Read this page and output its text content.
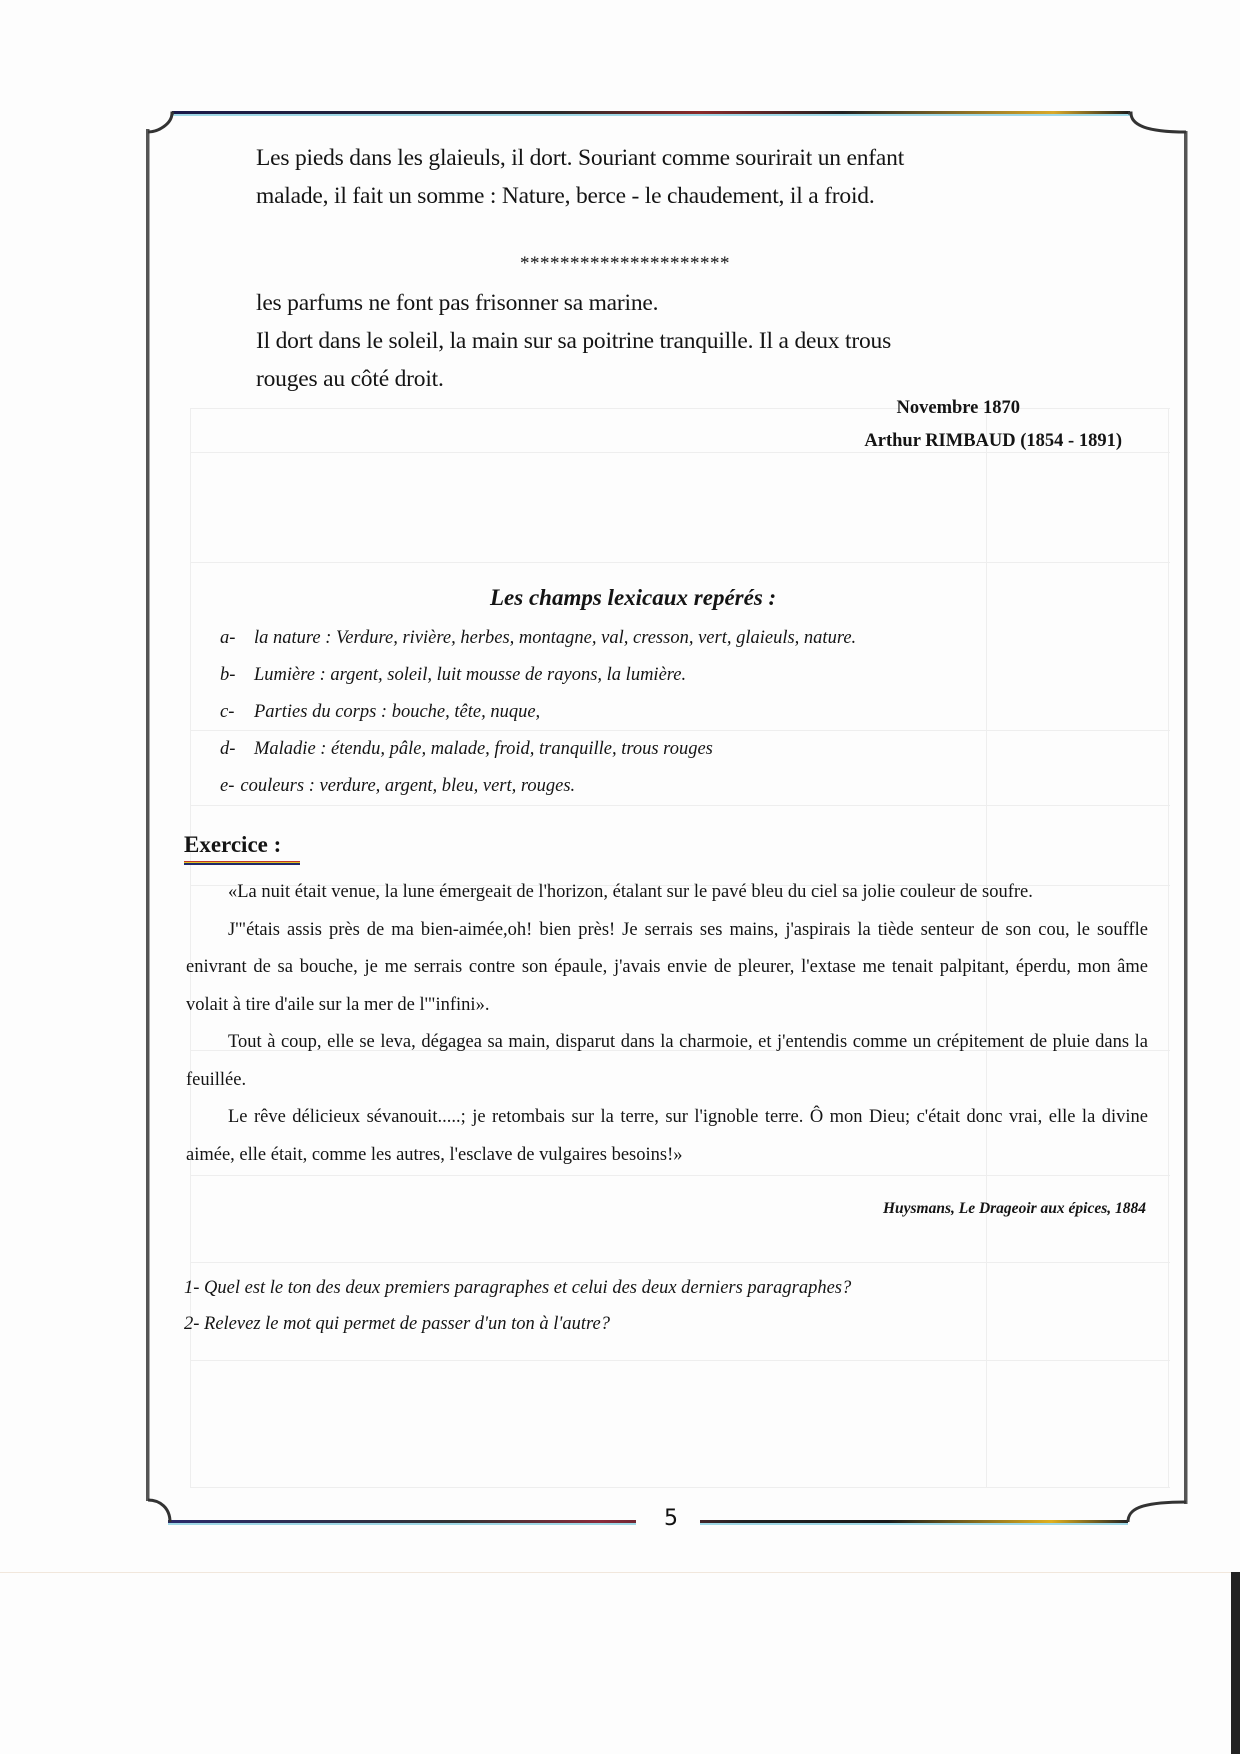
Les pieds dans les glaieuls, il dort. Souriant comme sourirait un enfant
malade, il fait un somme : Nature, berce - le chaudement, il a froid.
*********************
les parfums ne font pas frisonner sa marine.
Il dort dans le soleil, la main sur sa poitrine tranquille. Il a deux trous
rouges au côté droit.
Novembre 1870
Arthur RIMBAUD (1854 - 1891)
Les champs lexicaux repérés :
a- la nature : Verdure, rivière, herbes, montagne, val, cresson, vert, glaieuls, nature.
b- Lumière : argent, soleil, luit mousse de rayons, la lumière.
c- Parties du corps : bouche, tête, nuque,
d- Maladie : étendu, pâle, malade, froid, tranquille, trous rouges
e- couleurs : verdure, argent, bleu, vert, rouges.
Exercice :

«La nuit était venue, la lune émergeait de l'horizon, étalant sur le pavé bleu du ciel sa jolie couleur de soufre.

J'"étais assis près de ma bien-aimée,oh! bien près! Je serrais ses mains, j'aspirais la tiède senteur de son cou, le souffle enivrant de sa bouche, je me serrais contre son épaule, j'avais envie de pleurer, l'extase me tenait palpitant, éperdu, mon âme volait à tire d'aile sur la mer de l'"infini».

Tout à coup, elle se leva, dégagea sa main, disparut dans la charmoie, et j'entendis comme un crépitement de pluie dans la feuillée.

Le rêve délicieux sévanouit.....; je retombais sur la terre, sur l'ignoble terre. Ô mon Dieu; c'était donc vrai, elle la divine aimée, elle était, comme les autres, l'esclave de vulgaires besoins!»

Huysmans, Le Drageoir aux épices, 1884
1- Quel est le ton des deux premiers paragraphes et celui des deux derniers paragraphes?
2- Relevez le mot qui permet de passer d'un ton à l'autre?
5
